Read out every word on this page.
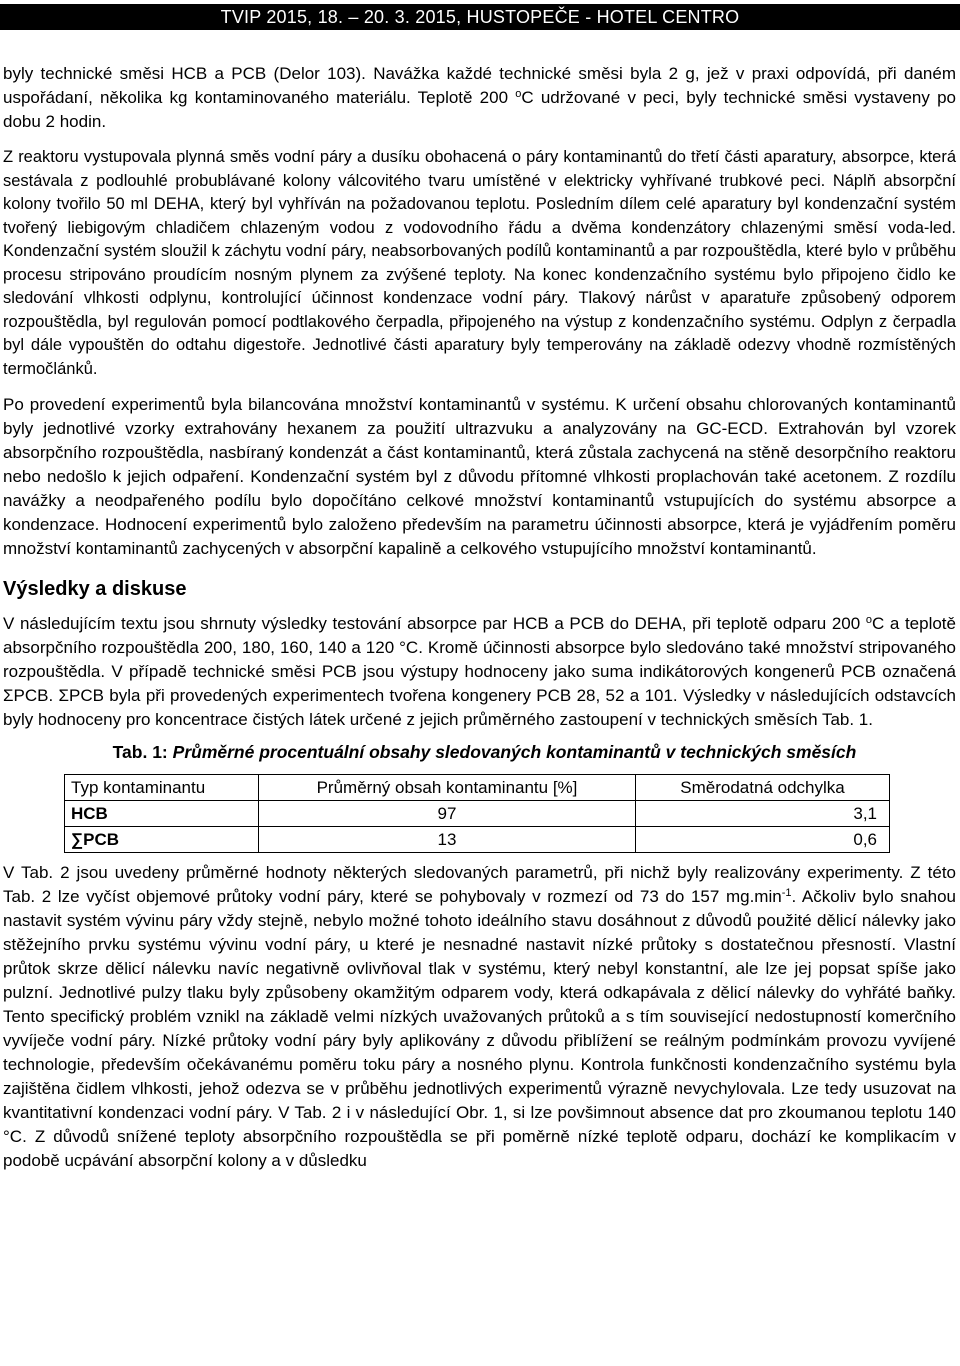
TVIP 2015, 18. – 20. 3. 2015, HUSTOPEČE - HOTEL CENTRO

byly technické směsi HCB a PCB (Delor 103). Navážka každé technické směsi byla 2 g, jež v praxi odpovídá, při daném uspořádaní, několika kg kontaminovaného materiálu. Teplotě 200 $^o$C udržované v peci, byly technické směsi vystaveny po dobu 2 hodin.

Z reaktoru vystupovala plynná směs vodní páry a dusíku obohacená o páry kontaminantů do třetí části aparatury, absorpce, která sestávala z podlouhlé probublávané kolony válcovitého tvaru umístěné v elektricky vyhřívané trubkové peci. Náplň absorpční kolony tvořilo 50 ml DEHA, který byl vyhříván na požadovanou teplotu. Posledním dílem celé aparatury byl kondenzační systém tvořený liebigovým chladičem chlazeným vodou z vodovodního řádu a dvěma kondenzátory chlazenými směsí voda-led. Kondenzační systém sloužil k záchytu vodní páry, neabsorbovaných podílů kontaminantů a par rozpouštědla, které bylo v průběhu procesu stripováno proudícím nosným plynem za zvýšené teploty. Na konec kondenzačního systému bylo připojeno čidlo ke sledování vlhkosti odplynu, kontrolující účinnost kondenzace vodní páry. Tlakový nárůst v aparatuře způsobený odporem rozpouštědla, byl regulován pomocí podtlakového čerpadla, připojeného na výstup z kondenzačního systému. Odplyn z čerpadla byl dále vypouštěn do odtahu digestoře. Jednotlivé části aparatury byly temperovány na základě odezvy vhodně rozmístěných termočlánků.

Po provedení experimentů byla bilancována množství kontaminantů v systému. K určení obsahu chlorovaných kontaminantů byly jednotlivé vzorky extrahovány hexanem za použití ultrazvuku a analyzovány na GC-ECD. Extrahován byl vzorek absorpčního rozpouštědla, nasbíraný kondenzát a část kontaminantů, která zůstala zachycená na stěně desorpčního reaktoru nebo nedošlo k jejich odpaření. Kondenzační systém byl z důvodu přítomné vlhkosti proplachován také acetonem. Z rozdílu navážky a neodpařeného podílu bylo dopočítáno celkové množství kontaminantů vstupujících do systému absorpce a kondenzace. Hodnocení experimentů bylo založeno především na parametru účinnosti absorpce, která je vyjádřením poměru množství kontaminantů zachycených v absorpční kapalině a celkového vstupujícího množství kontaminantů.

Výsledky a diskuse

V následujícím textu jsou shrnuty výsledky testování absorpce par HCB a PCB do DEHA, při teplotě odparu 200 $^o$C a teplotě absorpčního rozpouštědla 200, 180, 160, 140 a 120 °C. Kromě účinnosti absorpce bylo sledováno také množství stripovaného rozpouštědla. V případě technické směsi PCB jsou výstupy hodnoceny jako suma indikátorových kongenerů PCB označená ΣPCB. ΣPCB byla při provedených experimentech tvořena kongenery PCB 28, 52 a 101. Výsledky v následujících odstavcích byly hodnoceny pro koncentrace čistých látek určené z jejich průměrného zastoupení v technických směsích Tab. 1.

Tab. 1: Průměrné procentuální obsahy sledovaných kontaminantů v technických směsích
Typ kontaminantu	Průměrný obsah kontaminantu [%]	Směrodatná odchylka
HCB	97	3,1
∑PCB	13	0,6

V Tab. 2 jsou uvedeny průměrné hodnoty některých sledovaných parametrů, při nichž byly realizovány experimenty. Z této Tab. 2 lze vyčíst objemové průtoky vodní páry, které se pohybovaly v rozmezí od 73 do 157 $mg.\min^{-1}$. Ačkoliv bylo snahou nastavit systém vývinu páry vždy stejně, nebylo možné tohoto ideálního stavu dosáhnout z důvodů použité dělicí nálevky jako stěžejního prvku systému vývinu vodní páry, u které je nesnadné nastavit nízké průtoky s dostatečnou přesností. Vlastní průtok skrze dělicí nálevku navíc negativně ovlivňoval tlak v systému, který nebyl konstantní, ale lze jej popsat spíše jako pulzní. Jednotlivé pulzy tlaku byly způsobeny okamžitým odparem vody, která odkapávala z dělicí nálevky do vyhřáté baňky. Tento specifický problém vznikl na základě velmi nízkých uvažovaných průtoků a s tím související nedostupností komerčního vyvíječe vodní páry. Nízké průtoky vodní páry byly aplikovány z důvodu přiblížení se reálným podmínkám provozu vyvíjené technologie, především očekávanému poměru toku páry a nosného plynu. Kontrola funkčnosti kondenzačního systému byla zajištěna čidlem vlhkosti, jehož odezva se v průběhu jednotlivých experimentů výrazně nevychylovala. Lze tedy usuzovat na kvantitativní kondenzaci vodní páry. V Tab. 2 i v následující Obr. 1, si lze povšimnout absence dat pro zkoumanou teplotu 140 °C. Z důvodů snížené teploty absorpčního rozpouštědla se při poměrně nízké teplotě odparu, dochází ke komplikacím v podobě ucpávání absorpční kolony a v důsledku
